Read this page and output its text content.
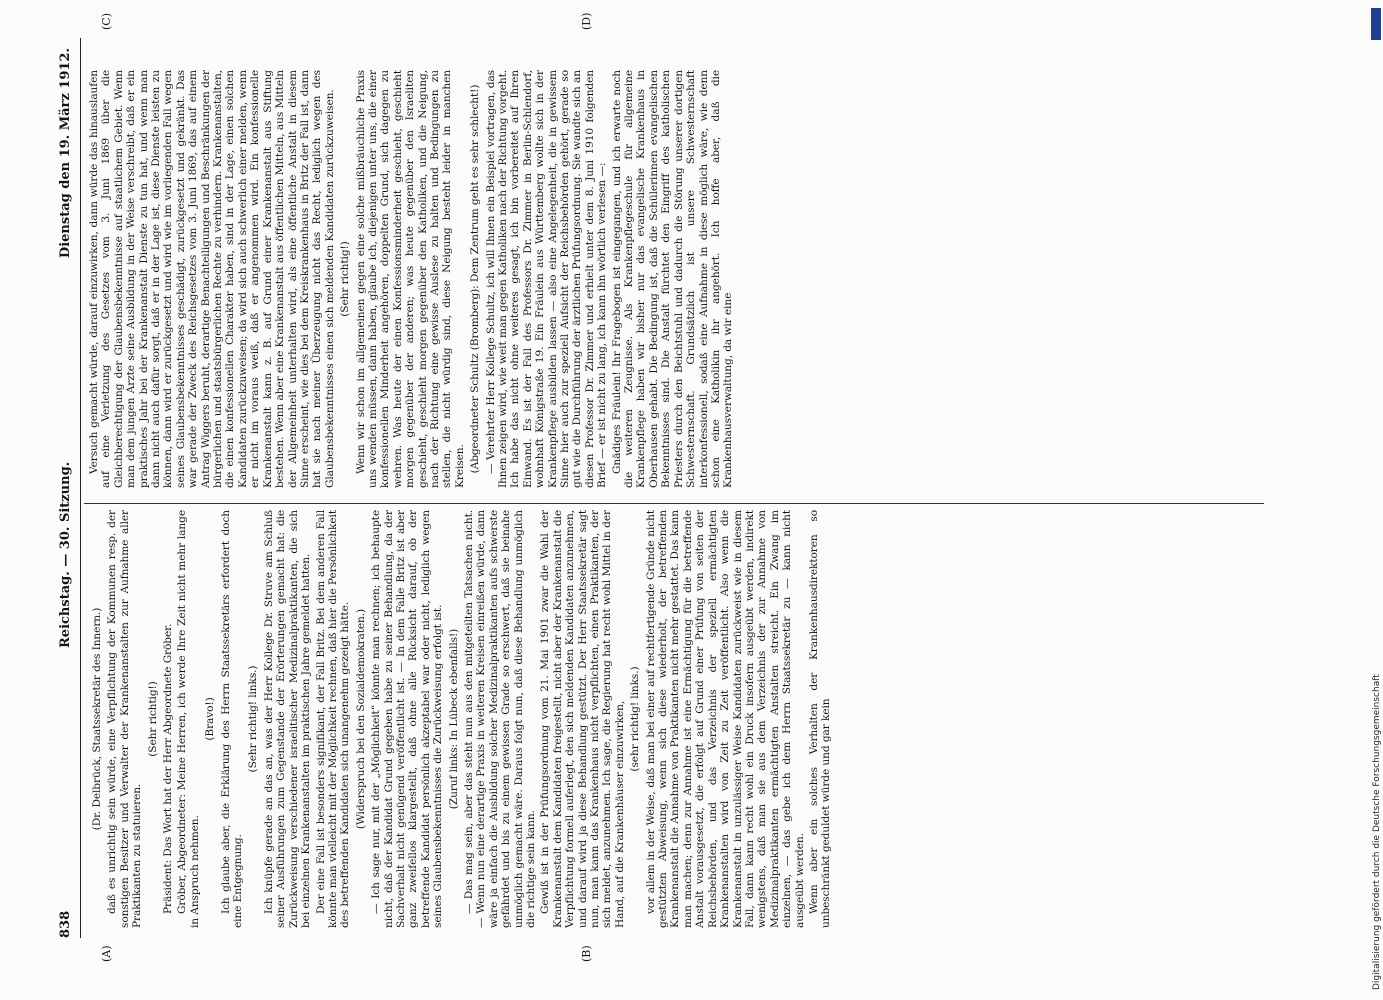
838
Reichstag. — 30. Sitzung.
Dienstag den 19. März 1912.
(A)	(B)
(C)	(D)

(Dr. Delbrück, Staatssekretär des Innern.) daß es unrichtig sein würde, eine Verpflichtung der Kommunen resp. der sonstigen Besitzer und Verwalter der Krankenanstalten zur Aufnahme aller Praktikanten zu statuieren.

(Sehr richtig!) Präsident: Das Wort hat der Herr Abgeordnete Gröber. Gröber, Abgeordneter: Meine Herren, ich werde Ihre Zeit nicht mehr lange in Anspruch nehmen.

(Bravo!) Ich glaube aber, die Erklärung des Herrn Staatssekretärs erfordert doch eine Entgegnung.

(Sehr richtig! links.) Ich knüpfe gerade an das an, was der Herr Kollege Dr. Struve am Schluß seiner Ausführungen zum Gegenstande der Erörterungen gemacht hat: die Zurückweisung verschiedener israelitischer Medizinalpraktikanten, die sich bei einzelnen Krankenanstalten im praktischen Jahre gemeldet hatten. Der eine Fall ist besonders signifikant, der Fall Britz. Bei dem anderen Fall könnte man vielleicht mit der Möglichkeit rechnen, daß hier die Persönlichkeit des betreffenden Kandidaten sich unangenehm gezeigt hätte. (Widerspruch bei den Sozialdemokraten.) — Ich sage nur, mit der „Möglichkeit“ könnte man rechnen; ich behaupte nicht, daß der Kandidat Grund gegeben habe zu seiner Behandlung, da der Sachverhalt nicht genügend veröffentlicht ist. — In dem Falle Britz ist aber ganz zweifellos klargestellt, daß ohne alle Rücksicht darauf, ob der betreffende Kandidat persönlich akzeptabel war oder nicht, lediglich wegen seines Glaubensbekenntnisses die Zurückweisung erfolgt ist. (Zuruf links: In Lübeck ebenfalls!) — Das mag sein, aber das steht nun aus den mitgeteilten Tatsachen nicht. — Wenn nun eine derartige Praxis in weiteren Kreisen einreißen würde, dann wäre ja einfach die Ausbildung solcher Medizinalpraktikanten aufs schwerste gefährdet und bis zu einem gewissen Grade so erschwert, daß sie beinahe unmöglich gemacht wäre. Daraus folgt nun, daß diese Behandlung unmöglich die richtige sein kann. Gewiß ist in der Prüfungsordnung vom 21. Mai 1901 zwar die Wahl der Krankenanstalt dem Kandidaten freigestellt, nicht aber der Krankenanstalt die Verpflichtung formell auferlegt, den sich meldenden Kandidaten anzunehmen, und darauf wird ja diese Behandlung gestützt. Der Herr Staatssekretär sagt nun, man kann das Krankenhaus nicht verpflichten, einen Praktikanten, der sich meldet, anzunehmen. Ich sage, die Regierung hat recht wohl Mittel in der Hand, auf die Krankenhäuser einzuwirken, (sehr richtig! links.) vor allem in der Weise, daß man bei einer auf rechtfertigende Gründe nicht gestützten Abweisung, wenn sich diese wiederholt, der betreffenden Krankenanstalt die Annahme von Praktikanten nicht mehr gestattet. Das kann man machen; denn zur Annahme ist eine Ermächtigung für die betreffende Anstalt vorausgesetzt, die erfolgt auf Grund einer Prüfung von seiten der Reichsbehörden, und das Verzeichnis der speziell ermächtigten Krankenanstalten wird von Zeit zu Zeit veröffentlicht. Also wenn die Krankenanstalt in unzulässiger Weise Kandidaten zurückweist wie in diesem Fall, dann kann recht wohl ein Druck insofern ausgeübt werden, indirekt wenigstens, daß man sie aus dem Verzeichnis der zur Annahme von Medizinalpraktikanten ermächtigten Anstalten streicht. Ein Zwang im einzelnen, — das gebe ich dem Herrn Staatssekretär zu — kann nicht ausgeübt werden. Wenn aber ein solches Verhalten der Krankenhausdirektoren so unbeschränkt geduldet würde und gar kein

Versuch gemacht würde, darauf einzuwirken, dann würde das hinauslaufen auf eine Verletzung des Gesetzes vom 3. Juni 1869 über die Gleichberechtigung der Glaubensbekenntnisse auf staatlichem Gebiet. Wenn man dem jungen Arzte seine Ausbildung in der Weise verschreibt, daß er ein praktisches Jahr bei der Krankenanstalt Dienste zu tun hat, und wenn man dann nicht auch dafür sorgt, daß er in der Lage ist, diese Dienste leisten zu können, dann wird er zurückgesetzt und wird wie im vorliegenden Fall wegen seines Glaubensbekenntnisses geschädigt, zurückgesetzt und gekränkt. Das war gerade der Zweck des Reichsgesetzes vom 3. Juni 1869, das auf einem Antrag Wiggers beruht, derartige Benachteiligungen und Beschränkungen der bürgerlichen und staatsbürgerlichen Rechte zu verhindern. Krankenanstalten, die einen konfessionellen Charakter haben, sind in der Lage, einen solchen Kandidaten zurückzuweisen; da wird sich auch schwerlich einer melden, wenn er nicht im voraus weiß, daß er angenommen wird. Ein konfessionelle Krankenanstalt kann z. B. auf Grund einer Krankenanstalt aus Stiftung bestehen. Wenn aber eine Krankenanstalt aus öffentlichen Mitteln, aus Mitteln der Allgemeinheit unterhalten wird, als eine öffentliche Anstalt in diesem Sinne erscheint, wie dies bei dem Kreiskrankenhaus in Britz der Fall ist, dann hat sie nach meiner Überzeugung nicht das Recht, lediglich wegen des Glaubensbekenntnisses einen sich meldenden Kandidaten zurückzuweisen. (Sehr richtig!) Wenn wir schon im allgemeinen gegen eine solche mißbräuchliche Praxis uns wenden müssen, dann haben, glaube ich, diejenigen unter uns, die einer konfessionellen Minderheit angehören, doppelten Grund, sich dagegen zu wehren. Was heute der einen Konfessionsminderheit geschieht, geschieht morgen gegenüber der anderen; was heute gegenüber den Israeliten geschieht, geschieht morgen gegenüber den Katholiken, und die Neigung, nach der Richtung eine gewisse Auslese zu halten und Bedingungen zu stellen, die nicht würdig sind, diese Neigung besteht leider in manchen Kreisen. (Abgeordneter Schultz (Bromberg): Dem Zentrum geht es sehr schlecht!) — Verehrter Herr Kollege Schultz, ich will Ihnen ein Beispiel vortragen, das Ihnen zeigen wird, wie weit man gegen Katholiken nach der Richtung vorgeht. Ich habe das nicht ohne weiteres gesagt, ich bin vorbereitet auf Ihren Einwand. Es ist der Fall des Professors Dr. Zimmer in Berlin-Schlendorf, wohnhaft Königstraße 19. Ein Fräulein aus Württemberg wollte sich in der Krankenpflege ausbilden lassen — also eine Angelegenheit, die in gewissem Sinne hier auch zur speziell Aufsicht der Reichsbehörden gehört, gerade so gut wie die Durchführung der ärztlichen Prüfungsordnung. Sie wandte sich an diesen Professor Dr. Zimmer und erhielt unter dem 8. Juni 1910 folgenden Brief — er ist nicht zu lang, ich kann ihn wörtlich verlesen —: Gnädiges Fräulein! Ihr Fragebogen ist eingegangen, und ich erwarte noch die weiteren Zeugnisse. Als Krankenpflegeschule für allgemeine Krankenpflege haben wir bisher nur das evangelische Krankenhaus in Oberhausen gehabt. Die Bedingung ist, daß die Schülerinnen evangelischen Bekenntnisses sind. Die Anstalt fürchtet den Eingriff des katholischen Priesters durch den Beichtstuhl und dadurch die Störung unserer dortigen Schwesternschaft. Grundsätzlich ist unsere Schwesternschaft interkonfessionell, sodaß eine Aufnahme in diese möglich wäre, wie denn schon eine Katholikin ihr angehört. Ich hoffe aber, daß die Krankenhausverwaltung, da wir eine

Digitalisierung gefördert durch die Deutsche Forschungsgemeinschaft
